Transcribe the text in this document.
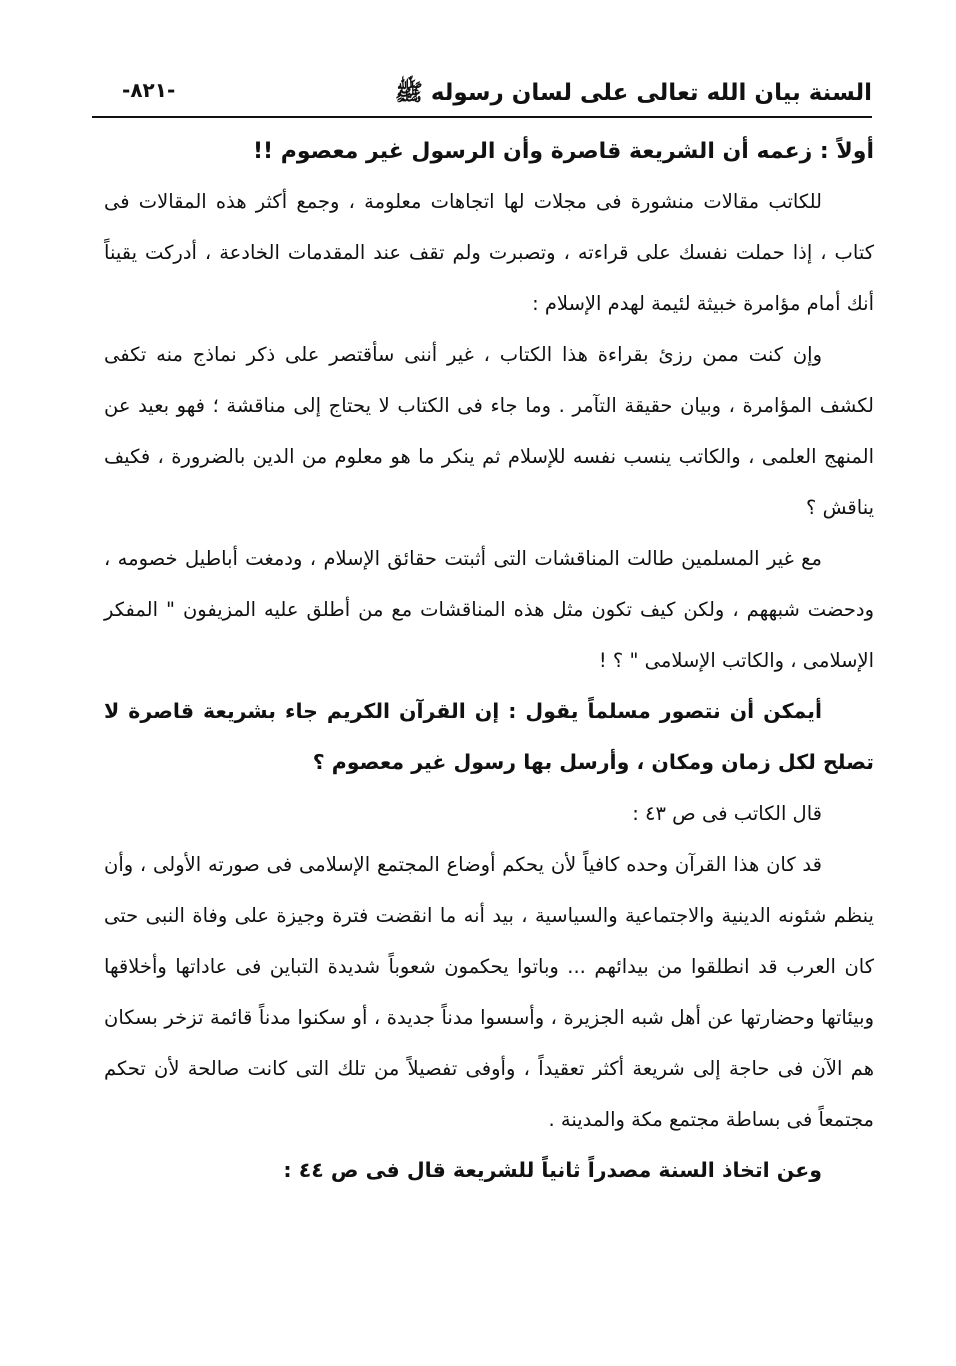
السنة بيان الله تعالى على لسان رسوله ﷺ
-٨٢١-

أولاً : زعمه أن الشريعة قاصرة وأن الرسول غير معصوم !!

للكاتب مقالات منشورة فى مجلات لها اتجاهات معلومة ، وجمع أكثر هذه المقالات فى كتاب ، إذا حملت نفسك على قراءته ، وتصبرت ولم تقف عند المقدمات الخادعة ، أدركت يقيناً أنك أمام مؤامرة خبيثة لئيمة لهدم الإسلام :

وإن كنت ممن رزئ بقراءة هذا الكتاب ، غير أننى سأقتصر على ذكر نماذج منه تكفى لكشف المؤامرة ، وبيان حقيقة التآمر . وما جاء فى الكتاب لا يحتاج إلى مناقشة ؛ فهو بعيد عن المنهج العلمى ، والكاتب ينسب نفسه للإسلام ثم ينكر ما هو معلوم من الدين بالضرورة ، فكيف يناقش ؟

مع غير المسلمين طالت المناقشات التى أثبتت حقائق الإسلام ، ودمغت أباطيل خصومه ، ودحضت شبههم ، ولكن كيف تكون مثل هذه المناقشات مع من أطلق عليه المزيفون " المفكر الإسلامى ، والكاتب الإسلامى " ؟ !

أيمكن أن نتصور مسلماً يقول : إن القرآن الكريم جاء بشريعة قاصرة لا تصلح لكل زمان ومكان ، وأرسل بها رسول غير معصوم ؟

قال الكاتب فى ص ٤٣ :

قد كان هذا القرآن وحده كافياً لأن يحكم أوضاع المجتمع الإسلامى فى صورته الأولى ، وأن ينظم شئونه الدينية والاجتماعية والسياسية ، بيد أنه ما انقضت فترة وجيزة على وفاة النبى حتى كان العرب قد انطلقوا من بيدائهم ... وباتوا يحكمون شعوباً شديدة التباين فى عاداتها وأخلاقها وبيئاتها وحضارتها عن أهل شبه الجزيرة ، وأسسوا مدناً جديدة ، أو سكنوا مدناً قائمة تزخر بسكان هم الآن فى حاجة إلى شريعة أكثر تعقيداً ، وأوفى تفصيلاً من تلك التى كانت صالحة لأن تحكم مجتمعاً فى بساطة مجتمع مكة والمدينة .

وعن اتخاذ السنة مصدراً ثانياً للشريعة قال فى ص ٤٤ :
